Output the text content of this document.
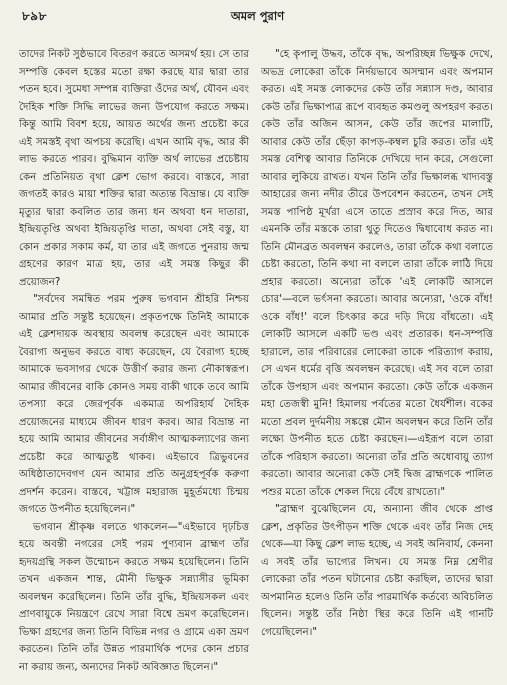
অমল পুরাণ
৮৯৮

তাদের নিকট সুষ্ঠভাবে বিতরণ করতে অসমর্থ হয়। সে তার সম্পত্তি কেবল হস্তের মতো রক্ষা করছে যার দ্বারা তার পতন হবে। সুমেধা সম্পন্ন ব্যক্তিরা ওঁদের অর্থ, যৌবন এবং দৈহিক শক্তি সিদ্ধি লাভের জন্য উপযোগ করতে সক্ষম। কিন্তু আমি বিবশ হয়ে, আয়ত অর্থের জন্য প্রচেষ্টা করে এই সমস্তই বৃথা অপচয় করেছি। এখন আমি বৃদ্ধ, আর কী লাভ করতে পারব। বুদ্ধিমান ব্যক্তি অর্থ লাভের প্রচেষ্টায় কেন প্রতিনিয়ত বৃথা ক্লেশ ভোগ করবে। বাস্তবে, সারা জগতই কারও মায়া শক্তির দ্বারা অত্যন্ত বিভ্রান্ত। যে ব্যক্তি মৃত্যুর দ্বারা কবলিত তার জন্য ধন অথবা ধন দাতারা, ইন্দ্রিয়তৃপ্তি অথবা ইন্দ্রিয়তৃপ্তি দাতা, অথবা সেই বস্তু, যা কোন প্রকার সকাম কর্ম, যা তার এই জগতে পুনরায় জন্ম গ্রহণের কারণ মাত্র হয়, তার এই সমস্ত কিছুর কী প্রয়োজন?

"সর্বদেব সমন্বিত পরম পুরুষ ভগবান শ্রীহরি নিশ্চয় আমার প্রতি সন্তুষ্ট হয়েছেন। প্রকৃতপক্ষে তিনিই আমাকে এই ক্লেশদায়ক অবস্থায় অবলম্ব করেছেন এবং আমাকে বৈরাগ্য অনুভব করতে বাধ্য করেছেন, যে বৈরাগ্য হচ্ছে আমাকে ভবসাগর থেকে উত্তীর্ণ করার জন্য নৌকাস্বরূপ। আমার জীবনের বাকি কোনও সময় বাকী থাকে তবে আমি তপস্যা করে জেরপূর্বক একমাত্র অপরিহার্য দৈহিক প্রয়োজনের মাধ্যমে জীবন ধারণ করব। আর বিভ্রান্ত না হয়ে আমি আমার জীবনের সর্বাঙ্গীণ আত্মকল্যাণের জন্য প্রচেষ্টা করে আত্মতুষ্ট থাকব। এইভাবে ত্রিভুবনের অধিষ্ঠাতাদেবগণ যেন আমার প্রতি অনুগ্রহপূর্বক করুণা প্রদর্শন করেন। বাস্তবে, খট্টাঙ্গ মহারাজ মুহূর্তমধ্যে চিন্ময় জগতে উপনীত হয়েছিলেন।"

ভগবান শ্রীকৃষ্ণ বলতে থাকলেন—"এইভাবে দৃঢ়চিত্ত হয়ে অবন্তী নগরের সেই পরম পুণ্যবান ব্রাহ্মণ তাঁর হৃদয়গ্রন্থি সকল উন্মোচন করতে সক্ষম হয়েছিলেন। তিনি তখন একজন শান্ত, মৌনী ভিক্ষুক সন্ন্যাসীর ভূমিকা অবলম্বন করেছিলেন। তিনি তাঁর বুদ্ধি, ইন্দ্রিয়সকল এবং প্রাণবায়ুকে নিয়ন্ত্রণে রেখে সারা বিশ্বে ভ্রমণ করেছিলেন। ভিক্ষা গ্রহণের জন্য তিনি বিভিন্ন নগর ও গ্রামে একা ভ্রমণ করতেন। তিনি তাঁর উন্নত পারমার্থিক পদের কোন প্রচার না করায় জন্য, অন্যদের নিকট অবিজ্ঞাত ছিলেন।"

"হে কৃপালু উদ্ধব, তাঁকে বৃদ্ধ, অপরিচ্ছন্ন ভিক্ষুক দেখে, অভদ্র লোকেরা তাঁকে নির্দয়ভাবে অসম্মান এবং অপমান করত। এই সমস্ত লোকদের কেউ তাঁর সন্ন্যাস দণ্ড, আবার কেউ তাঁর ভিক্ষাপাত্র রূপে ব্যবহৃত কমণ্ডলু অপহরণ করত। কেউ তাঁর অজিন আসন, কেউ তাঁর জপের মালাটি, আবার কেউ তাঁর ছেঁড়া কাপড়-কম্বল চুরি করত। তাঁর এই সমস্ত বেশিত্ব আবার তিনিকে দেখিয়ে দান করে, সেগুলো আবার লুকিয়ে রাখত। যখন তিনি তাঁর ভিক্ষালব্ধ খাদ্যবস্তু আহারের জন্য নদীর তীরে উপবেশন করতেন, তখন সেই সমস্ত পাপিষ্ঠ মূর্খরা এসে তাতে প্রস্রাব করে দিত, আর এমনকি তাঁর মস্তকে তারা থুতু দিতেও দ্বিধাবোধ করত না। তিনি মৌনব্রত অবলম্বন করলেও, তারা তাঁকে কথা বলাতে চেষ্টা করতো, তিনি কথা না বললে তারা তাঁকে লাঠি দিয়ে প্রহার করতো। অন্যেরা তাঁকে 'এই লোকটি আসলে চোর'—বলে ভর্ৎসনা করতো। আবার অন্যেরা, 'ওকে বাঁধ! ওকে বাঁধ!' বলে চিৎকার করে দড়ি দিয়ে বাঁধতো। এই লোকটি আসলে একটি ভণ্ড এবং প্রতারক। ধন-সম্পত্তি হারালে, তার পরিবারের লোকেরা তাকে পরিত্যাগ করায়, সে এখন ধর্মের বৃত্তি অবলম্বন করেছে। এই সব বলে তারা তাঁকে উপহাস এবং অপমান করতো। কেউ তাঁকে একজন মহা তেজস্বী মুনি! হিমালয় পর্বতের মতো ধৈর্যশীল। বকের মতো প্রবল দুর্দমনীয় সঙ্কল্পে মৌন অবলম্বন করে তিনি তাঁর লক্ষ্যে উপনীত হতে চেষ্টা করছেন।—এইরূপ বলে তারা তাঁকে পরিহাস করতো। অন্যেরা তাঁর প্রতি অধোবায়ু ত্যাগ করতো। আবার অন্যেরা কেউ সেই দ্বিজ ব্রাহ্মণকে পালিত পশুর মতো তাঁকে শেকল দিয়ে বেঁধে রাখতো।"

"ব্রাহ্মণ বুঝেছিলেন যে, অন্যান্য জীব থেকে প্রাপ্ত ক্লেশ, প্রকৃতির উৎপীড়ন শক্তি থেকে এবং তাঁর নিজ দেহ থেকে—যা কিছু ক্লেশ লাভ হচ্ছে, এ সবই অনিবার্য, কেননা এ সবই তাঁর ভাগ্যের লিখন। যে সমস্ত নিম্ন শ্রেণীর লোকেরা তাঁর পতন ঘটানোর চেষ্টা করছিল, তাদের দ্বারা অপমানিত হলেও তিনি তাঁর পারমার্থিক কর্তব্যে অবিচলিত ছিলেন। সন্তুষ্ট তাঁর নিষ্ঠা স্থির করে তিনি এই গানটি গেয়েছিলেন।"
